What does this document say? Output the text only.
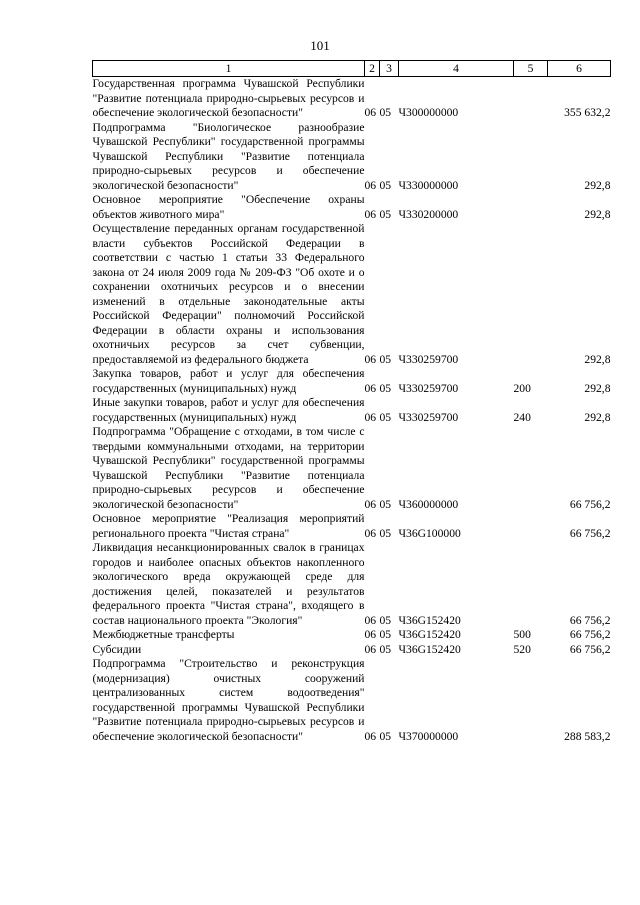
101
1	2	3	4	5	6
Государственная программа Чувашской Республики "Развитие потенциала природно-сырьевых ресурсов и обеспечение экологической безопасности"	06	05	Ч300000000		355 632,2
Подпрограмма "Биологическое разнообразие Чувашской Республики" государственной программы Чувашской Республики "Развитие потенциала природно-сырьевых ресурсов и обеспечение экологической безопасности"	06	05	Ч330000000		292,8
Основное мероприятие "Обеспечение охраны объектов животного мира"	06	05	Ч330200000		292,8
Осуществление переданных органам государственной власти субъектов Российской Федерации в соответствии с частью 1 статьи 33 Федерального закона от 24 июля 2009 года № 209-ФЗ "Об охоте и о сохранении охотничьих ресурсов и о внесении изменений в отдельные законодательные акты Российской Федерации" полномочий Российской Федерации в области охраны и использования охотничьих ресурсов за счет субвенции, предоставляемой из федерального бюджета	06	05	Ч330259700		292,8
Закупка товаров, работ и услуг для обеспечения государственных (муниципальных) нужд	06	05	Ч330259700	200	292,8
Иные закупки товаров, работ и услуг для обеспечения государственных (муниципальных) нужд	06	05	Ч330259700	240	292,8
Подпрограмма "Обращение с отходами, в том числе с твердыми коммунальными отходами, на территории Чувашской Республики" государственной программы Чувашской Республики "Развитие потенциала природно-сырьевых ресурсов и обеспечение экологической безопасности"	06	05	Ч360000000		66 756,2
Основное мероприятие "Реализация мероприятий регионального проекта "Чистая страна"	06	05	Ч36G100000		66 756,2
Ликвидация несанкционированных свалок в границах городов и наиболее опасных объектов накопленного экологического вреда окружающей среде для достижения целей, показателей и результатов федерального проекта "Чистая страна", входящего в состав национального проекта "Экология"	06	05	Ч36G152420		66 756,2
Межбюджетные трансферты	06	05	Ч36G152420	500	66 756,2
Субсидии	06	05	Ч36G152420	520	66 756,2
Подпрограмма "Строительство и реконструкция (модернизация) очистных сооружений централизованных систем водоотведения" государственной программы Чувашской Республики "Развитие потенциала природно-сырьевых ресурсов и обеспечение экологической безопасности"	06	05	Ч370000000		288 583,2
